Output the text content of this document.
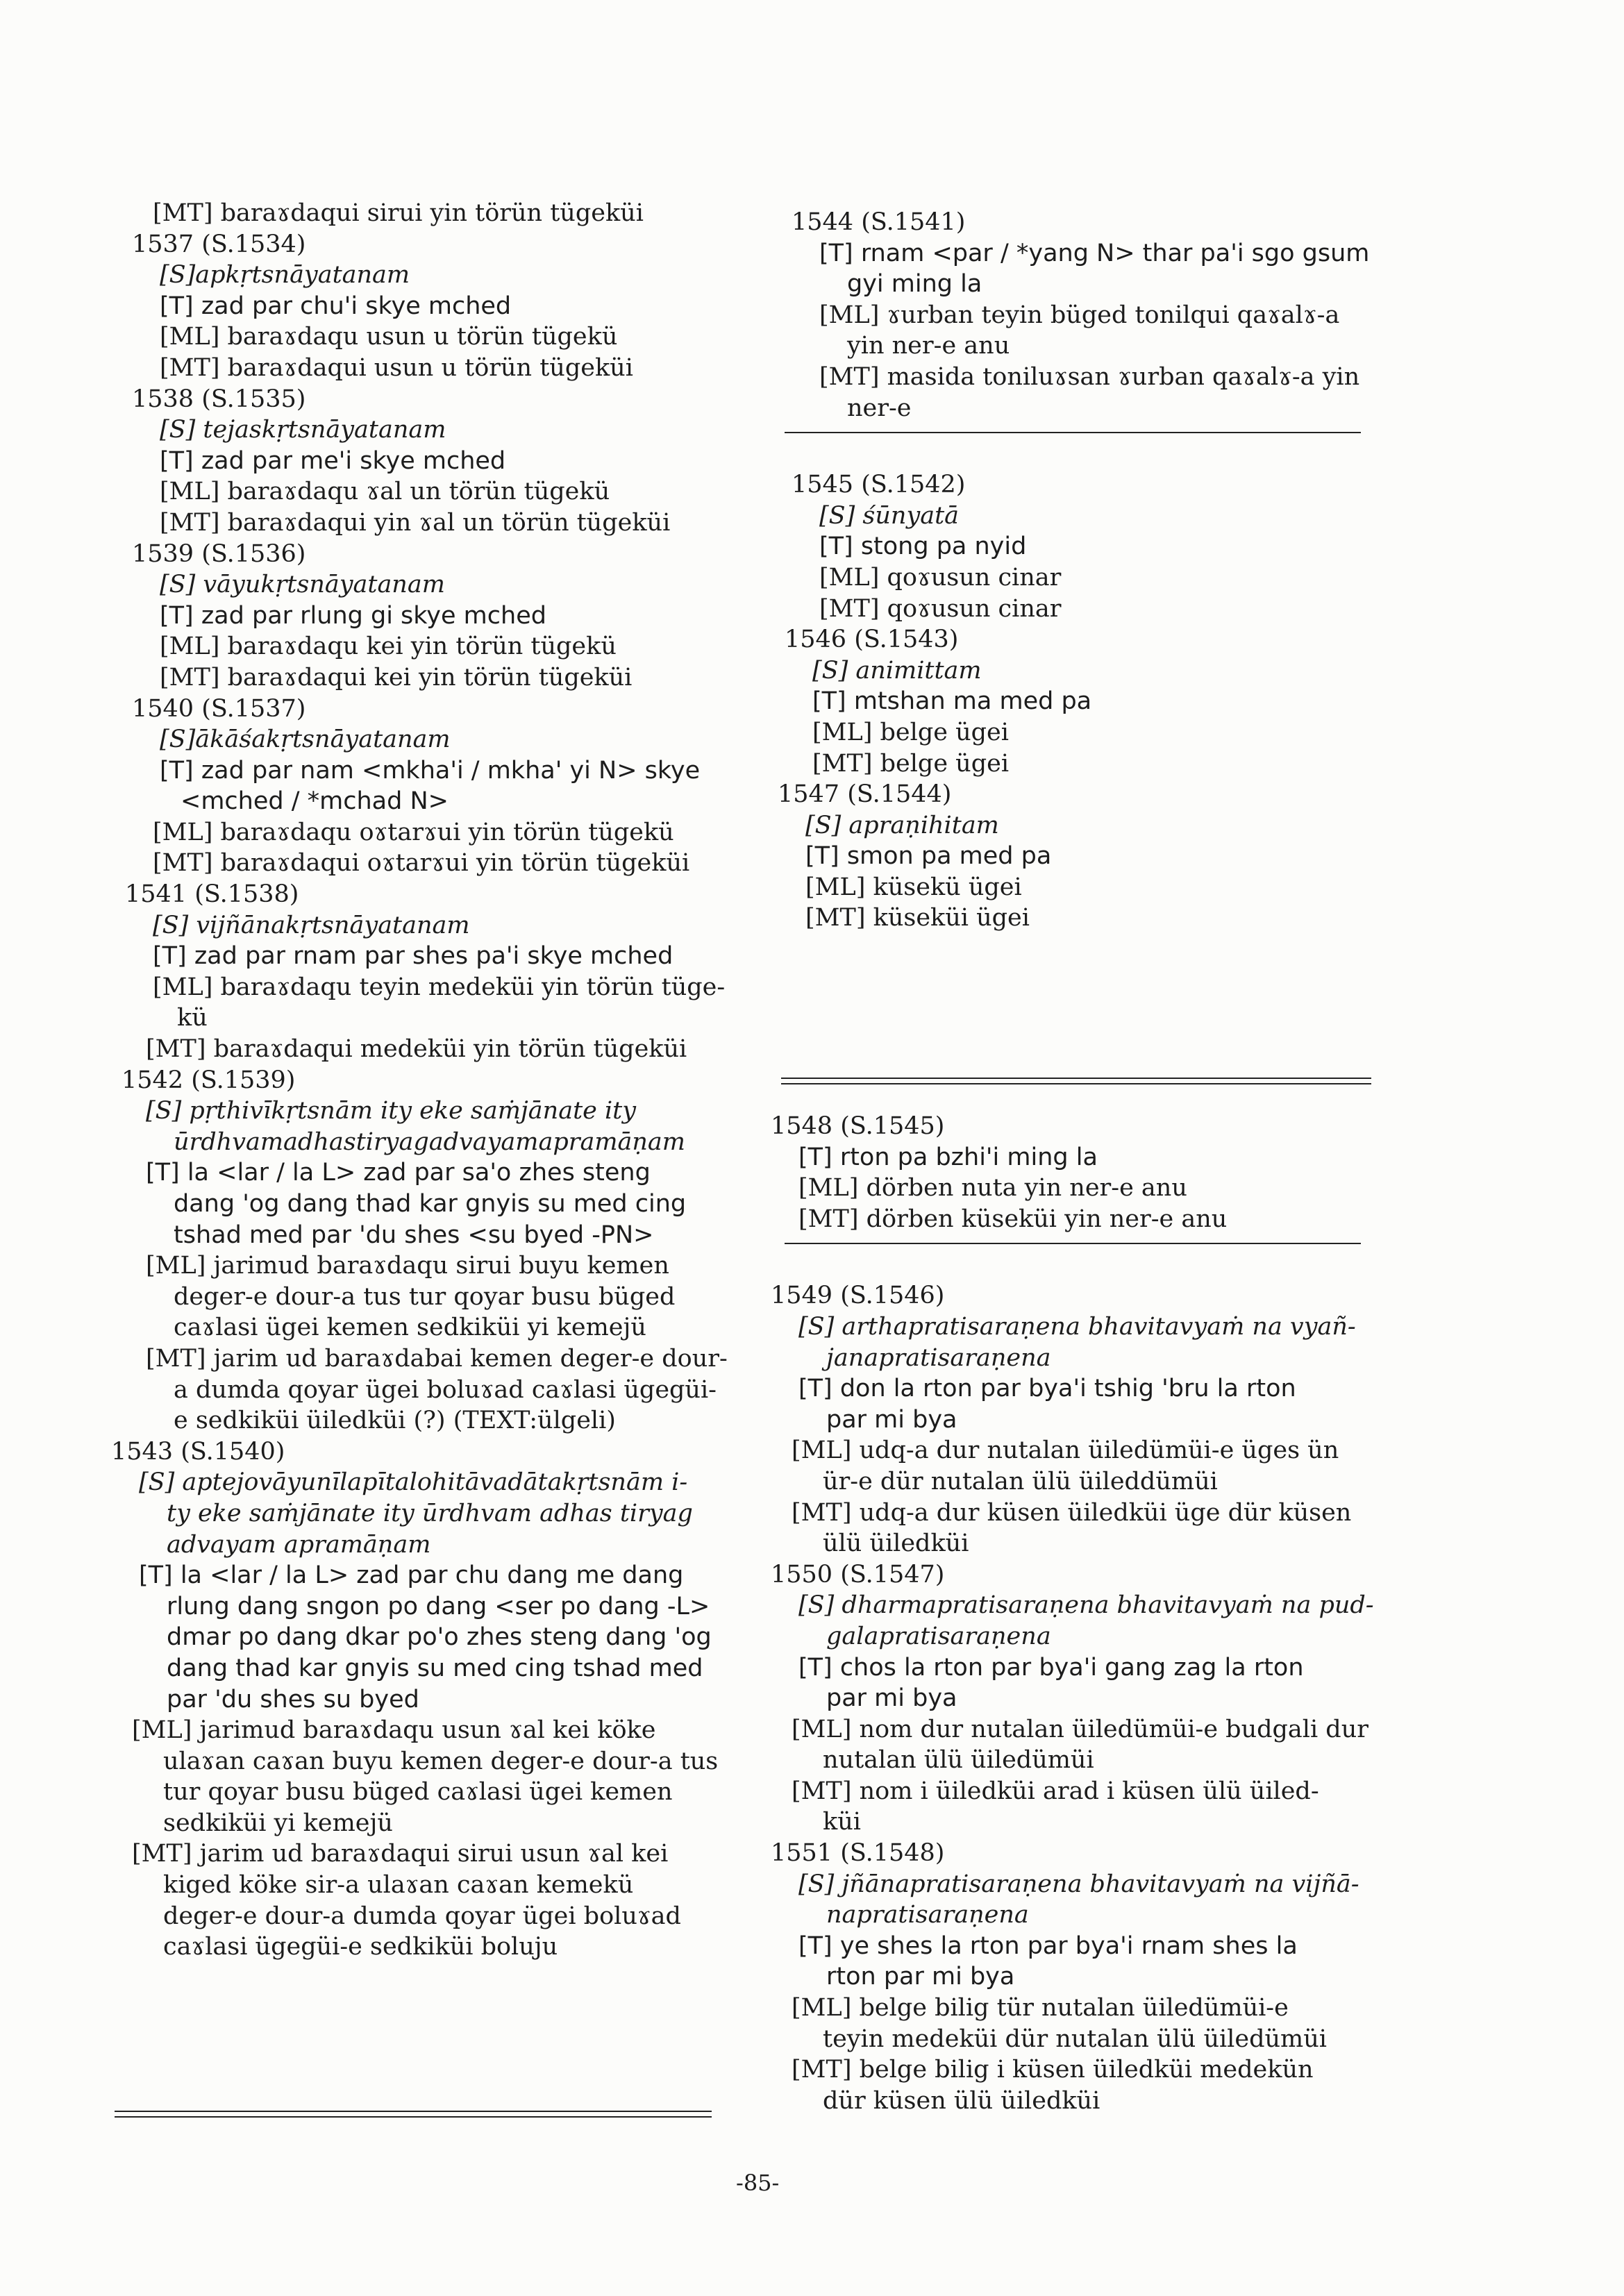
[MT] baraɤdaqui sirui yin törün tügeküi
1537 (S.1534)
[S]apkṛtsnāyatanam
[T] zad par chu'i skye mched
[ML] baraɤdaqu usun u törün tügekü
[MT] baraɤdaqui usun u törün tügeküi
1538 (S.1535)
[S] tejaskṛtsnāyatanam
[T] zad par me'i skye mched
[ML] baraɤdaqu ɤal un törün tügekü
[MT] baraɤdaqui yin ɤal un törün tügeküi
1539 (S.1536)
[S] vāyukṛtsnāyatanam
[T] zad par rlung gi skye mched
[ML] baraɤdaqu kei yin törün tügekü
[MT] baraɤdaqui kei yin törün tügeküi
1540 (S.1537)
[S]ākāśakṛtsnāyatanam
[T] zad par nam <mkha'i / mkha' yi N> skye
<mched / *mchad N>
[ML] baraɤdaqu oɤtarɤui yin törün tügekü
[MT] baraɤdaqui oɤtarɤui yin törün tügeküi
1541 (S.1538)
[S] vijñānakṛtsnāyatanam
[T] zad par rnam par shes pa'i skye mched
[ML] baraɤdaqu teyin medeküi yin törün tüge-
kü
[MT] baraɤdaqui medeküi yin törün tügeküi
1542 (S.1539)
[S] pṛthivīkṛtsnām ity eke saṁjānate ity
ūrdhvamadhastiryagadvayamapramāṇam
[T] la <lar / la L> zad par sa'o zhes steng
dang 'og dang thad kar gnyis su med cing
tshad med par 'du shes <su byed -PN>
[ML] jarimud baraɤdaqu sirui buyu kemen
deger-e dour-a tus tur qoyar busu büged
caɤlasi ügei kemen sedkiküi yi kemejü
[MT] jarim ud baraɤdabai kemen deger-e dour-
a dumda qoyar ügei boluɤad caɤlasi ügegüi-
e sedkiküi üiledküi (?) (TEXT:ülgeli)
1543 (S.1540)
[S] aptejovāyunīlapītalohitāvadātakṛtsnām i-
ty eke saṁjānate ity ūrdhvam adhas tiryag
advayam apramāṇam
[T] la <lar / la L> zad par chu dang me dang
rlung dang sngon po dang <ser po dang -L>
dmar po dang dkar po'o zhes steng dang 'og
dang thad kar gnyis su med cing tshad med
par 'du shes su byed
[ML] jarimud baraɤdaqu usun ɤal kei köke
ulaɤan caɤan buyu kemen deger-e dour-a tus
tur qoyar busu büged caɤlasi ügei kemen
sedkiküi yi kemejü
[MT] jarim ud baraɤdaqui sirui usun ɤal kei
kiged köke sir-a ulaɤan caɤan kemekü
deger-e dour-a dumda qoyar ügei boluɤad
caɤlasi ügegüi-e sedkiküi boluju
1544 (S.1541)
[T] rnam <par / *yang N> thar pa'i sgo gsum
gyi ming la
[ML] ɤurban teyin büged tonilqui qaɤalɤ-a
yin ner-e anu
[MT] masida toniluɤsan ɤurban qaɤalɤ-a yin
ner-e
1545 (S.1542)
[S] śūnyatā
[T] stong pa nyid
[ML] qoɤusun cinar
[MT] qoɤusun cinar
1546 (S.1543)
[S] animittam
[T] mtshan ma med pa
[ML] belge ügei
[MT] belge ügei
1547 (S.1544)
[S] apraṇihitam
[T] smon pa med pa
[ML] küsekü ügei
[MT] küseküi ügei
1548 (S.1545)
[T] rton pa bzhi'i ming la
[ML] dörben nuta yin ner-e anu
[MT] dörben küseküi yin ner-e anu
1549 (S.1546)
[S] arthapratisaraṇena bhavitavyaṁ na vyañ-
janapratisaraṇena
[T] don la rton par bya'i tshig 'bru la rton
par mi bya
[ML] udq-a dur nutalan üiledümüi-e üges ün
ür-e dür nutalan ülü üileddümüi
[MT] udq-a dur küsen üiledküi üge dür küsen
ülü üiledküi
1550 (S.1547)
[S] dharmapratisaraṇena bhavitavyaṁ na pud-
galapratisaraṇena
[T] chos la rton par bya'i gang zag la rton
par mi bya
[ML] nom dur nutalan üiledümüi-e budgali dur
nutalan ülü üiledümüi
[MT] nom i üiledküi arad i küsen ülü üiled-
küi
1551 (S.1548)
[S] jñānapratisaraṇena bhavitavyaṁ na vijñā-
napratisaraṇena
[T] ye shes la rton par bya'i rnam shes la
rton par mi bya
[ML] belge bilig tür nutalan üiledümüi-e
teyin medeküi dür nutalan ülü üiledümüi
[MT] belge bilig i küsen üiledküi medekün
dür küsen ülü üiledküi
-85-
